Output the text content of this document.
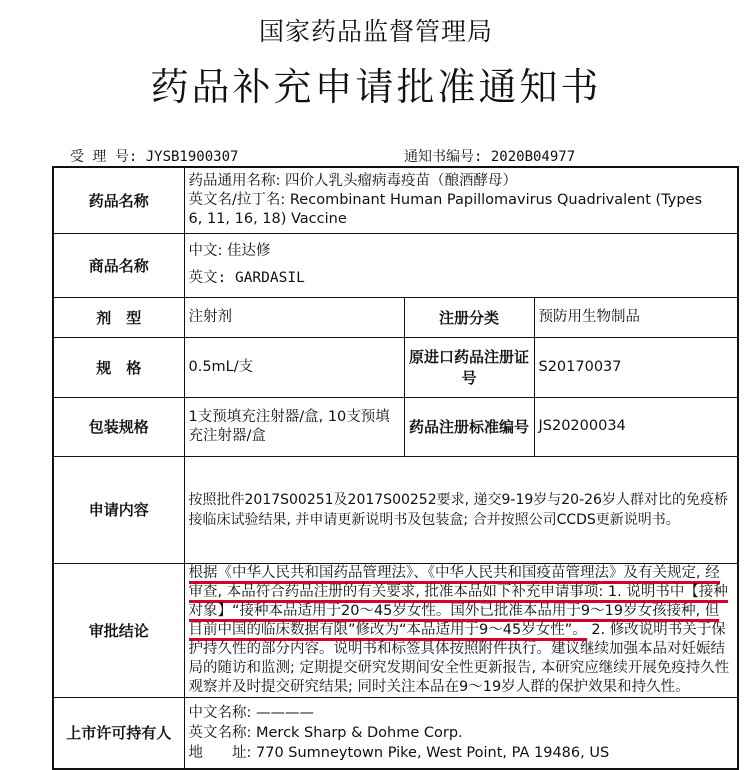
国家药品监督管理局
药品补充申请批准通知书
受 理 号: JYSB1900307	通知书编号: 2020B04977
药品名称	药品通用名称: 四价人乳头瘤病毒疫苗（酿酒酵母）
英文名/拉丁名: Recombinant Human Papillomavirus Quadrivalent (Types
6, 11, 16, 18) Vaccine		

商品名称	中文: 佳达修
英文: GARDASIL		

剂　型	注射剂	注册分类	预防用生物制品
规　格	0.5mL/支	原进口药品注册证号	S20170037
包装规格	1支预填充注射器/盒, 10支预填充注射器/盒	药品注册标准编号	JS20200034
申请内容	按照批件2017S00251及2017S00252要求, 递交9-19岁与20-26岁人群对比的免疫桥接临床试验结果, 并申请更新说明书及包装盒; 合并按照公司CCDS更新说明书。		
审批结论	根据《中华人民共和国药品管理法》、《中华人民共和国疫苗管理法》及有关规定, 经审查, 本品符合药品注册的有关要求, 批准本品如下补充申请事项: 1. 说明书中【接种对象】“接种本品适用于20～45岁女性。国外已批准本品用于9～19岁女孩接种, 但目前中国的临床数据有限”修改为“本品适用于9～45岁女性”。 2. 修改说明书关于保护持久性的部分内容。说明书和标签具体按照附件执行。建议继续加强本品对妊娠结局的随访和监测; 定期提交研究发期间安全性更新报告, 本研究应继续开展免疫持久性观察并及时提交研究结果; 同时关注本品在9～19岁人群的保护效果和持久性。		
上市许可持有人	中文名称: ————
英文名称: Merck Sharp & Dohme Corp.
地　　址: 770 Sumneytown Pike, West Point, PA 19486, US		
